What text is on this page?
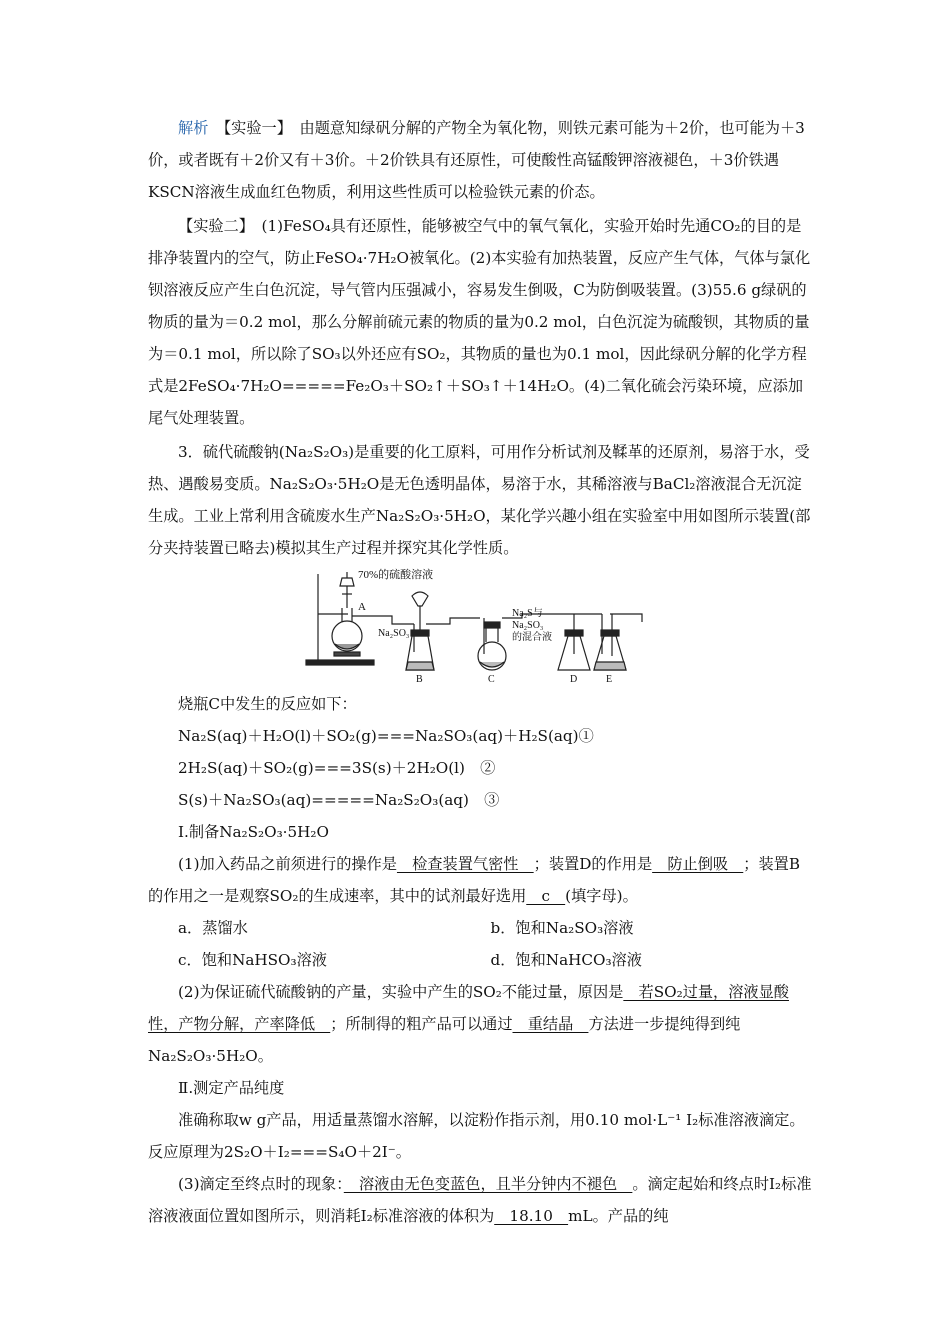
解析　 【实验一】　由题意知绿矾分解的产物全为氧化物，则铁元素可能为＋2价，也可能为＋3价，或者既有＋2价又有＋3价。＋2价铁具有还原性，可使酸性高锰酸钾溶液褪色，＋3价铁遇KSCN溶液生成血红色物质，利用这些性质可以检验铁元素的价态。

【实验二】　(1)FeSO₄具有还原性，能够被空气中的氧气氧化，实验开始时先通CO₂的目的是排净装置内的空气，防止FeSO₄·7H₂O被氧化。(2)本实验有加热装置，反应产生气体，气体与氯化钡溶液反应产生白色沉淀，导气管内压强减小，容易发生倒吸，C为防倒吸装置。(3)55.6 g绿矾的物质的量为＝0.2 mol，那么分解前硫元素的物质的量为0.2 mol，白色沉淀为硫酸钡，其物质的量为＝0.1 mol，所以除了SO₃以外还应有SO₂，其物质的量也为0.1 mol，因此绿矾分解的化学方程式是2FeSO₄·7H₂O=====Fe₂O₃＋SO₂↑＋SO₃↑＋14H₂O。(4)二氧化硫会污染环境，应添加尾气处理装置。

3．硫代硫酸钠(Na₂S₂O₃)是重要的化工原料，可用作分析试剂及鞣革的还原剂，易溶于水，受热、遇酸易变质。Na₂S₂O₃·5H₂O是无色透明晶体，易溶于水，其稀溶液与BaCl₂溶液混合无沉淀生成。工业上常利用含硫废水生产Na₂S₂O₃·5H₂O，某化学兴趣小组在实验室中用如图所示装置(部分夹持装置已略去)模拟其生产过程并探究其化学性质。

70%的硫酸溶液
A
Na₂SO₃
Na₂S与
Na₂SO₃
的混合液
B	C	D	E

烧瓶C中发生的反应如下：

Na₂S(aq)＋H₂O(l)＋SO₂(g)===Na₂SO₃(aq)＋H₂S(aq)①

2H₂S(aq)＋SO₂(g)===3S(s)＋2H₂O(l)　②

S(s)＋Na₂SO₃(aq)=====Na₂S₂O₃(aq)　③

Ⅰ.制备Na₂S₂O₃·5H₂O

(1)加入药品之前须进行的操作是　检查装置气密性　；装置D的作用是　防止倒吸　；装置B的作用之一是观察SO₂的生成速率，其中的试剂最好选用　c　(填字母)。

a．蒸馏水	b．饱和Na₂SO₃溶液
c．饱和NaHSO₃溶液	d．饱和NaHCO₃溶液

(2)为保证硫代硫酸钠的产量，实验中产生的SO₂不能过量，原因是　若SO₂过量，溶液显酸性，产物分解，产率降低　；所制得的粗产品可以通过　重结晶　方法进一步提纯得到纯Na₂S₂O₃·5H₂O。

Ⅱ.测定产品纯度

准确称取w g产品，用适量蒸馏水溶解，以淀粉作指示剂，用0.10 mol·L⁻¹ I₂标准溶液滴定。反应原理为2S₂O＋I₂===S₄O＋2I⁻。

(3)滴定至终点时的现象：　溶液由无色变蓝色，且半分钟内不褪色　。滴定起始和终点时I₂标准溶液液面位置如图所示，则消耗I₂标准溶液的体积为　18.10　mL。产品的纯
